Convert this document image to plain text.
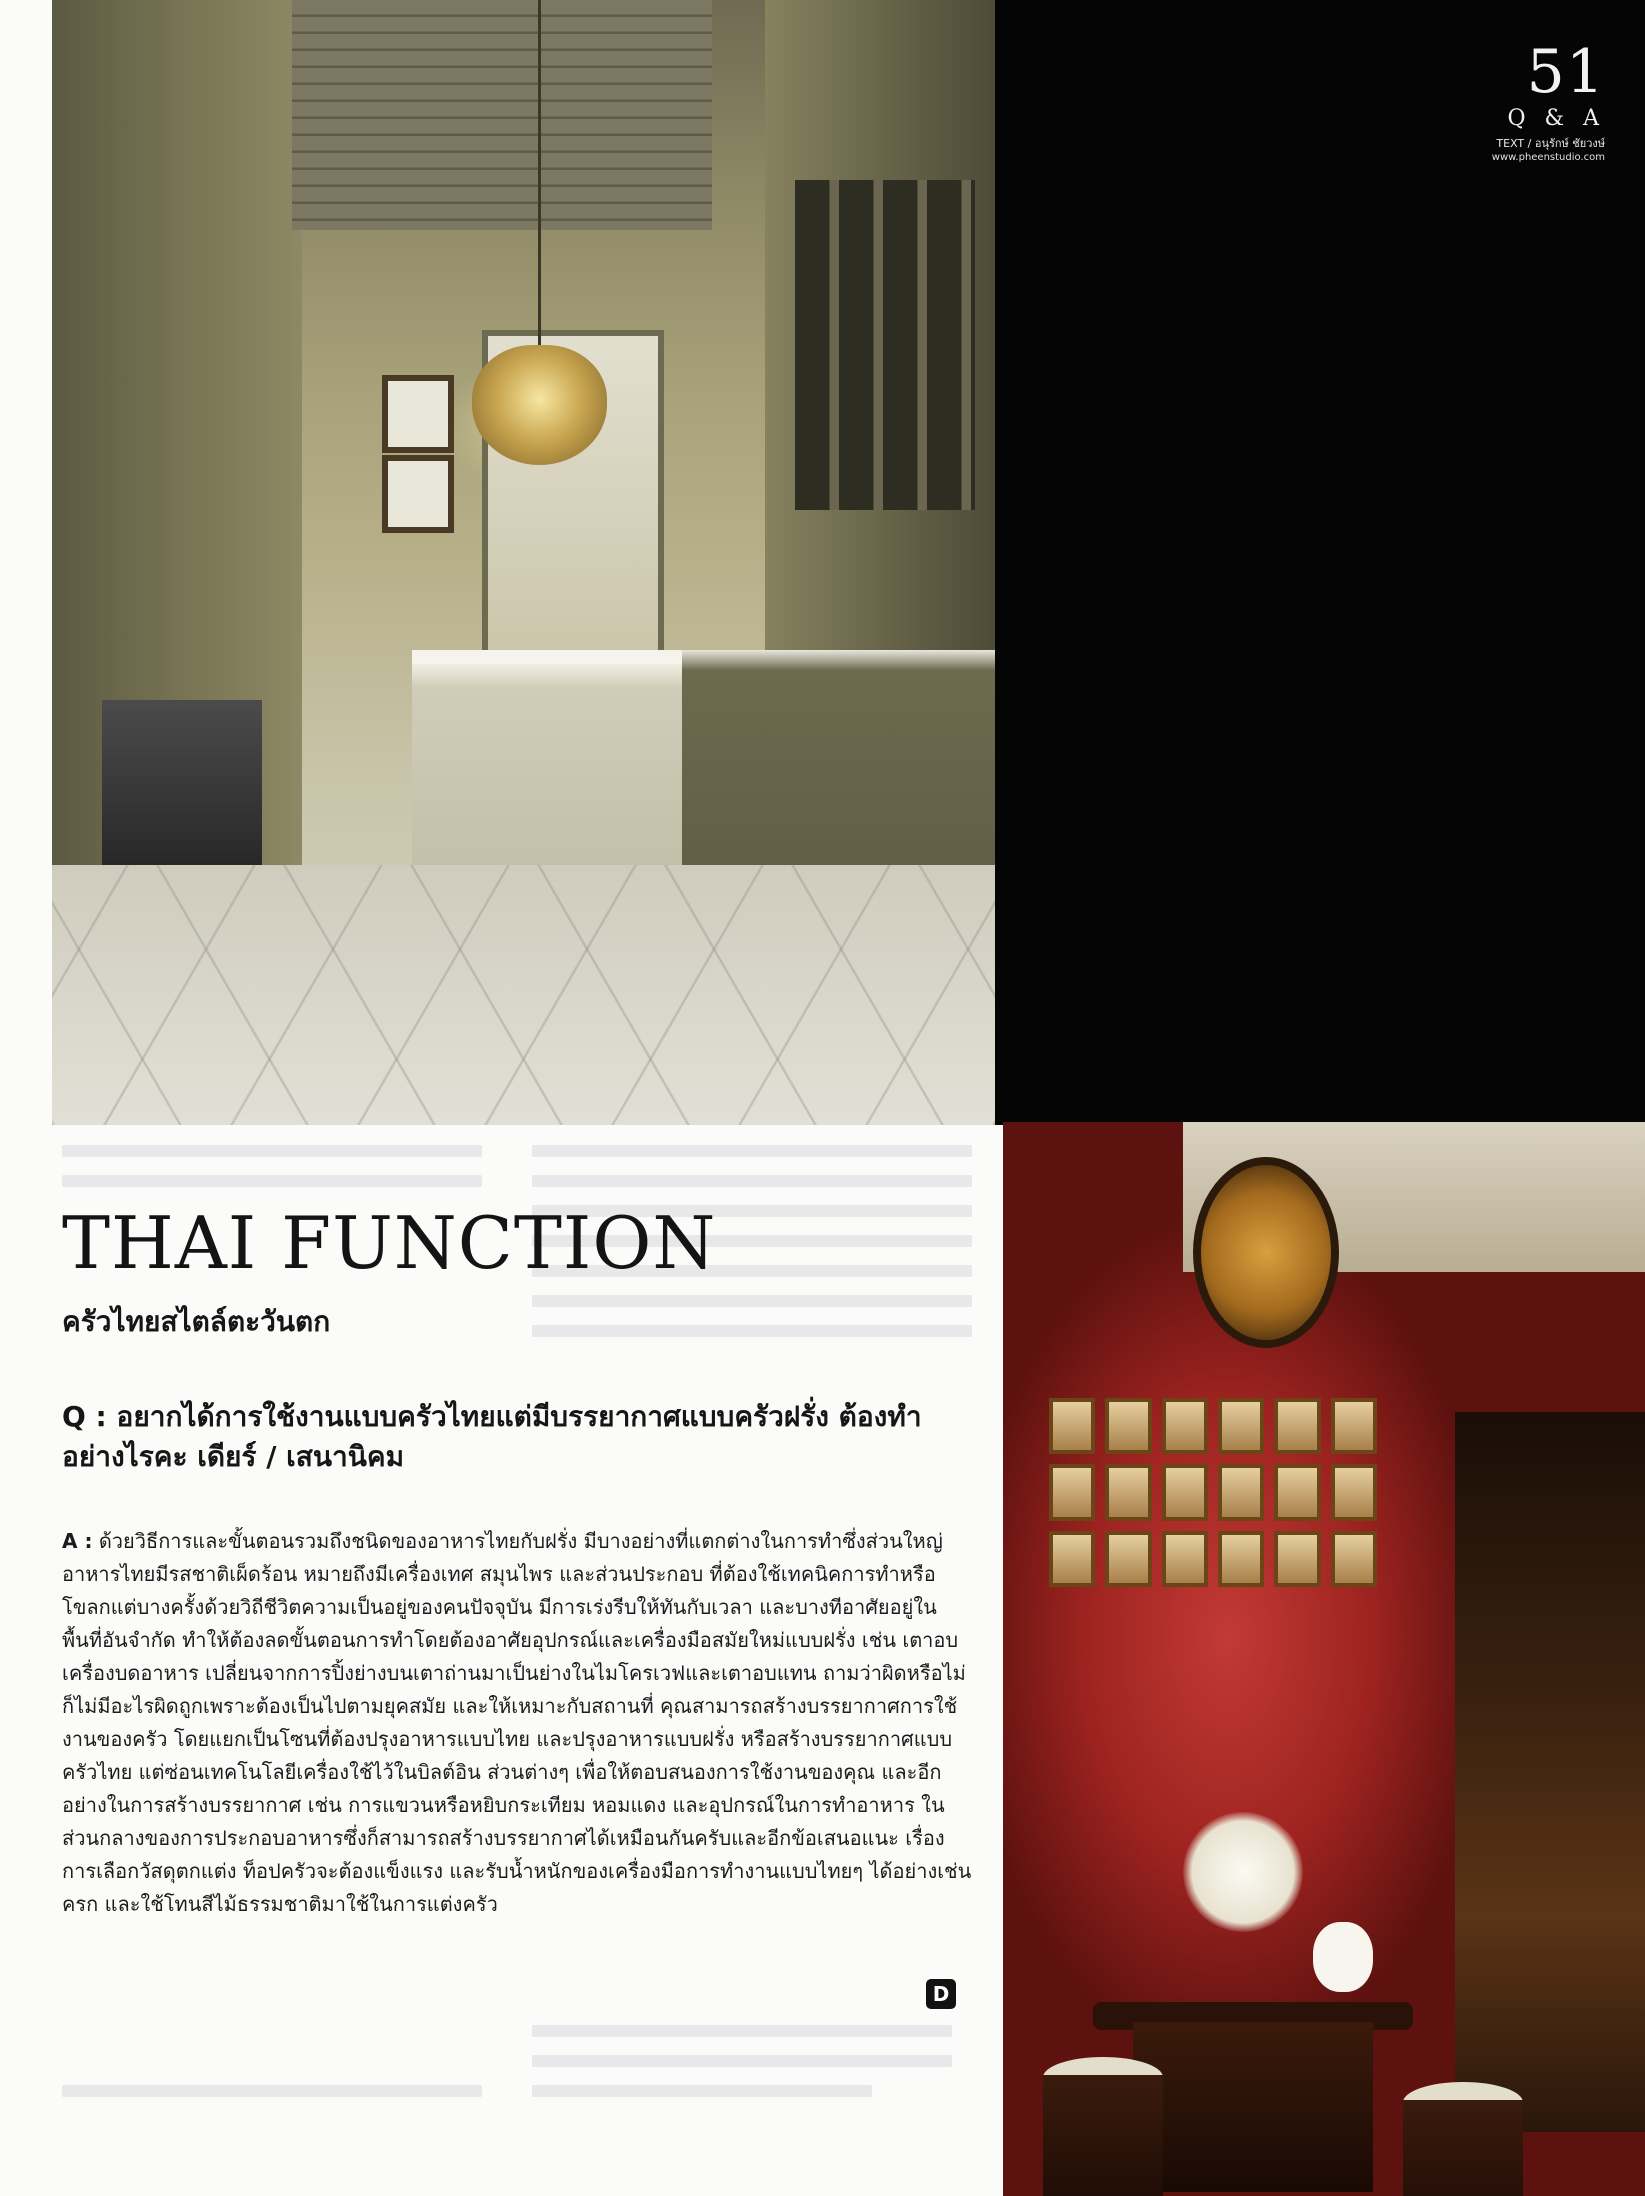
51
Q & A
TEXT / อนุรักษ์ ชัยวงษ์
www.pheenstudio.com
THAI FUNCTION
ครัวไทยสไตล์ตะวันตก

Q : อยากได้การใช้งานแบบครัวไทยแต่มีบรรยากาศแบบครัวฝรั่ง ต้องทำอย่างไรคะ เดียร์ / เสนานิคม

A : ด้วยวิธีการและขั้นตอนรวมถึงชนิดของอาหารไทยกับฝรั่ง มีบางอย่างที่แตกต่างในการทำซึ่งส่วนใหญ่อาหารไทยมีรสชาติเผ็ดร้อน หมายถึงมีเครื่องเทศ สมุนไพร และส่วนประกอบ ที่ต้องใช้เทคนิคการทำหรือโขลกแต่บางครั้งด้วยวิถีชีวิตความเป็นอยู่ของคนปัจจุบัน มีการเร่งรีบให้ทันกับเวลา และบางทีอาศัยอยู่ในพื้นที่อันจำกัด ทำให้ต้องลดขั้นตอนการทำโดยต้องอาศัยอุปกรณ์และเครื่องมือสมัยใหม่แบบฝรั่ง เช่น เตาอบ เครื่องบดอาหาร เปลี่ยนจากการปิ้งย่างบนเตาถ่านมาเป็นย่างในไมโครเวฟและเตาอบแทน ถามว่าผิดหรือไม่ก็ไม่มีอะไรผิดถูกเพราะต้องเป็นไปตามยุคสมัย และให้เหมาะกับสถานที่ คุณสามารถสร้างบรรยากาศการใช้งานของครัว โดยแยกเป็นโซนที่ต้องปรุงอาหารแบบไทย และปรุงอาหารแบบฝรั่ง หรือสร้างบรรยากาศแบบครัวไทย แต่ซ่อนเทคโนโลยีเครื่องใช้ไว้ในบิลต์อิน ส่วนต่างๆ เพื่อให้ตอบสนองการใช้งานของคุณ และอีกอย่างในการสร้างบรรยากาศ เช่น การแขวนหรือหยิบกระเทียม หอมแดง และอุปกรณ์ในการทำอาหาร ในส่วนกลางของการประกอบอาหารซึ่งก็สามารถสร้างบรรยากาศได้เหมือนกันครับและอีกข้อเสนอแนะ เรื่องการเลือกวัสดุตกแต่ง ท็อปครัวจะต้องแข็งแรง และรับน้ำหนักของเครื่องมือการทำงานแบบไทยๆ ได้อย่างเช่น ครก และใช้โทนสีไม้ธรรมชาติมาใช้ในการแต่งครัว

D
